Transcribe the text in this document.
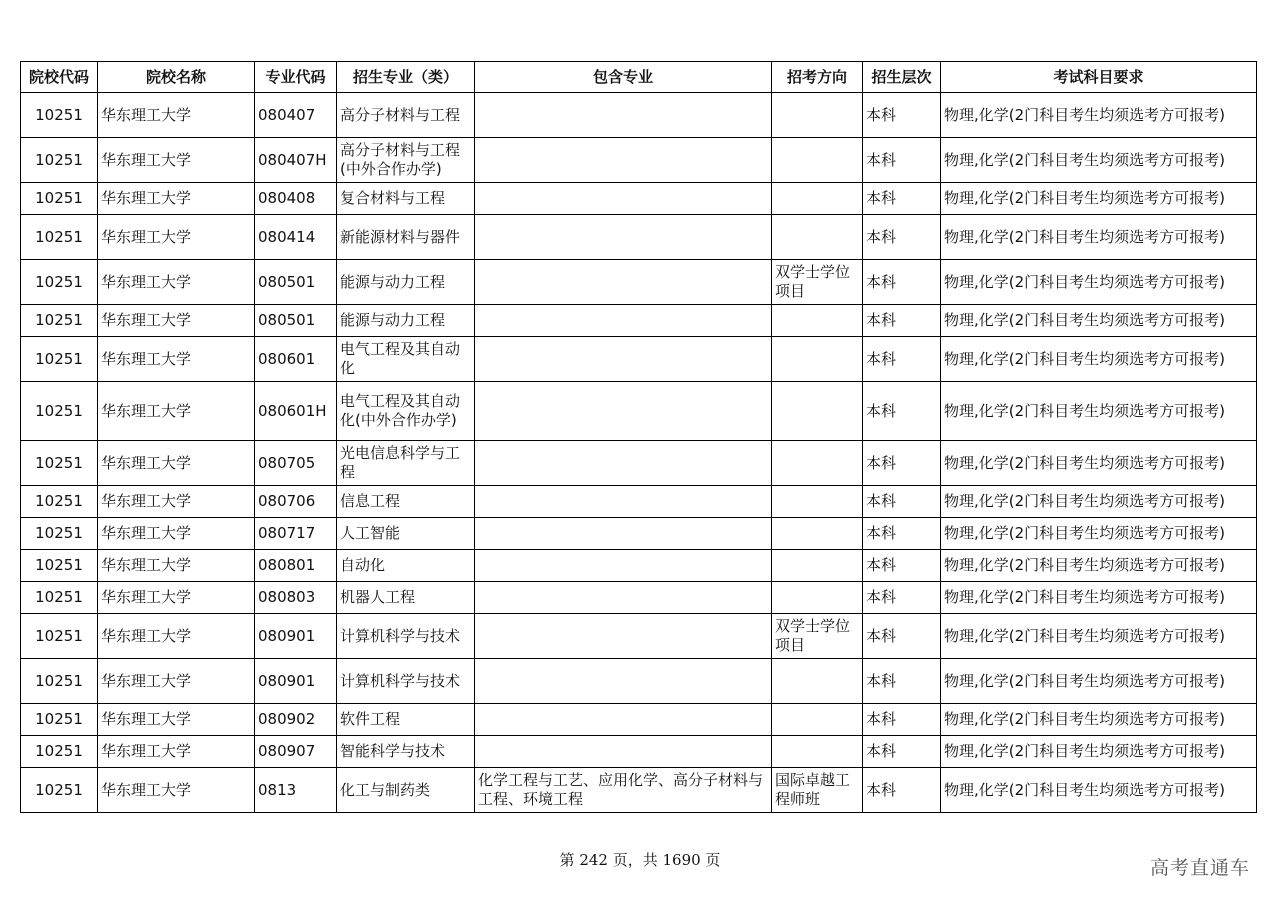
院校代码	院校名称	专业代码	招生专业（类）	包含专业	招考方向	招生层次	考试科目要求
10251	华东理工大学	080407	高分子材料与工程			本科	物理,化学(2门科目考生均须选考方可报考)
10251	华东理工大学	080407H	高分子材料与工程(中外合作办学)			本科	物理,化学(2门科目考生均须选考方可报考)
10251	华东理工大学	080408	复合材料与工程			本科	物理,化学(2门科目考生均须选考方可报考)
10251	华东理工大学	080414	新能源材料与器件			本科	物理,化学(2门科目考生均须选考方可报考)
10251	华东理工大学	080501	能源与动力工程		双学士学位项目	本科	物理,化学(2门科目考生均须选考方可报考)
10251	华东理工大学	080501	能源与动力工程			本科	物理,化学(2门科目考生均须选考方可报考)
10251	华东理工大学	080601	电气工程及其自动化			本科	物理,化学(2门科目考生均须选考方可报考)
10251	华东理工大学	080601H	电气工程及其自动化(中外合作办学)			本科	物理,化学(2门科目考生均须选考方可报考)
10251	华东理工大学	080705	光电信息科学与工程			本科	物理,化学(2门科目考生均须选考方可报考)
10251	华东理工大学	080706	信息工程			本科	物理,化学(2门科目考生均须选考方可报考)
10251	华东理工大学	080717	人工智能			本科	物理,化学(2门科目考生均须选考方可报考)
10251	华东理工大学	080801	自动化			本科	物理,化学(2门科目考生均须选考方可报考)
10251	华东理工大学	080803	机器人工程			本科	物理,化学(2门科目考生均须选考方可报考)
10251	华东理工大学	080901	计算机科学与技术		双学士学位项目	本科	物理,化学(2门科目考生均须选考方可报考)
10251	华东理工大学	080901	计算机科学与技术			本科	物理,化学(2门科目考生均须选考方可报考)
10251	华东理工大学	080902	软件工程			本科	物理,化学(2门科目考生均须选考方可报考)
10251	华东理工大学	080907	智能科学与技术			本科	物理,化学(2门科目考生均须选考方可报考)
10251	华东理工大学	0813	化工与制药类	化学工程与工艺、应用化学、高分子材料与工程、环境工程	国际卓越工程师班	本科	物理,化学(2门科目考生均须选考方可报考)
第 242 页，共 1690 页	高考直通车
